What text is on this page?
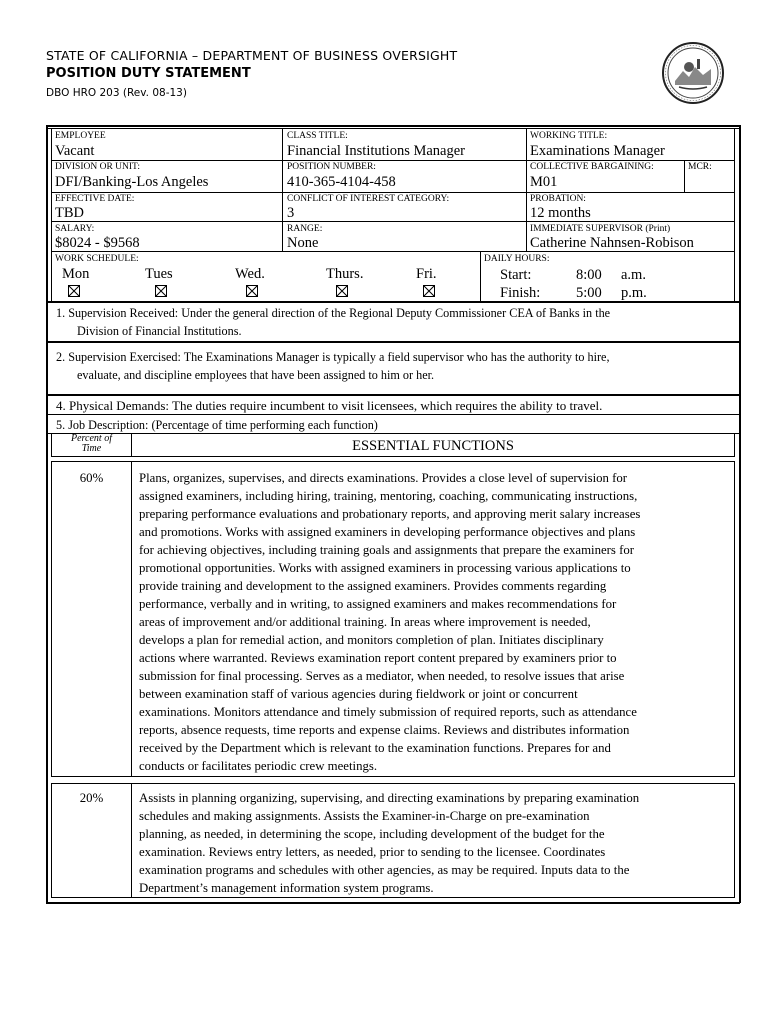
STATE OF CALIFORNIA – DEPARTMENT OF BUSINESS OVERSIGHT
POSITION DUTY STATEMENT
DBO HRO 203 (Rev. 08-13)
EMPLOYEE
Vacant
CLASS TITLE:
Financial Institutions Manager
WORKING TITLE:
Examinations Manager
DIVISION OR UNIT:
DFI/Banking-Los Angeles
POSITION NUMBER:
410-365-4104-458
COLLECTIVE BARGAINING:
M01
MCR:
EFFECTIVE DATE:
TBD
CONFLICT OF INTEREST CATEGORY:
3
PROBATION:
12 months
SALARY:
$8024 - $9568
RANGE:
None
IMMEDIATE SUPERVISOR (Print)
Catherine Nahnsen-Robison
WORK SCHEDULE:
Mon	Tues	Wed.	Thurs.	Fri.
DAILY HOURS:
Start:	8:00 a.m.
Finish: 5:00 p.m.
1. Supervision Received: Under the general direction of the Regional Deputy Commissioner CEA of Banks in the
Division of Financial Institutions.
2. Supervision Exercised: The Examinations Manager is typically a field supervisor who has the authority to hire,
evaluate, and discipline employees that have been assigned to him or her.
4. Physical Demands: The duties require incumbent to visit licensees, which requires the ability to travel.
5. Job Description: (Percentage of time performing each function)
Percent of
Time	ESSENTIAL FUNCTIONS
60%	Plans, organizes, supervises, and directs examinations. Provides a close level of supervision for
assigned examiners, including hiring, training, mentoring, coaching, communicating instructions,
preparing performance evaluations and probationary reports, and approving merit salary increases
and promotions. Works with assigned examiners in developing performance objectives and plans
for achieving objectives, including training goals and assignments that prepare the examiners for
promotional opportunities. Works with assigned examiners in processing various applications to
provide training and development to the assigned examiners. Provides comments regarding
performance, verbally and in writing, to assigned examiners and makes recommendations for
areas of improvement and/or additional training. In areas where improvement is needed,
develops a plan for remedial action, and monitors completion of plan. Initiates disciplinary
actions where warranted. Reviews examination report content prepared by examiners prior to
submission for final processing. Serves as a mediator, when needed, to resolve issues that arise
between examination staff of various agencies during fieldwork or joint or concurrent
examinations. Monitors attendance and timely submission of required reports, such as attendance
reports, absence requests, time reports and expense claims. Reviews and distributes information
received by the Department which is relevant to the examination functions. Prepares for and
conducts or facilitates periodic crew meetings.
20%	Assists in planning organizing, supervising, and directing examinations by preparing examination
schedules and making assignments. Assists the Examiner-in-Charge on pre-examination
planning, as needed, in determining the scope, including development of the budget for the
examination. Reviews entry letters, as needed, prior to sending to the licensee. Coordinates
examination programs and schedules with other agencies, as may be required. Inputs data to the
Department’s management information system programs.
